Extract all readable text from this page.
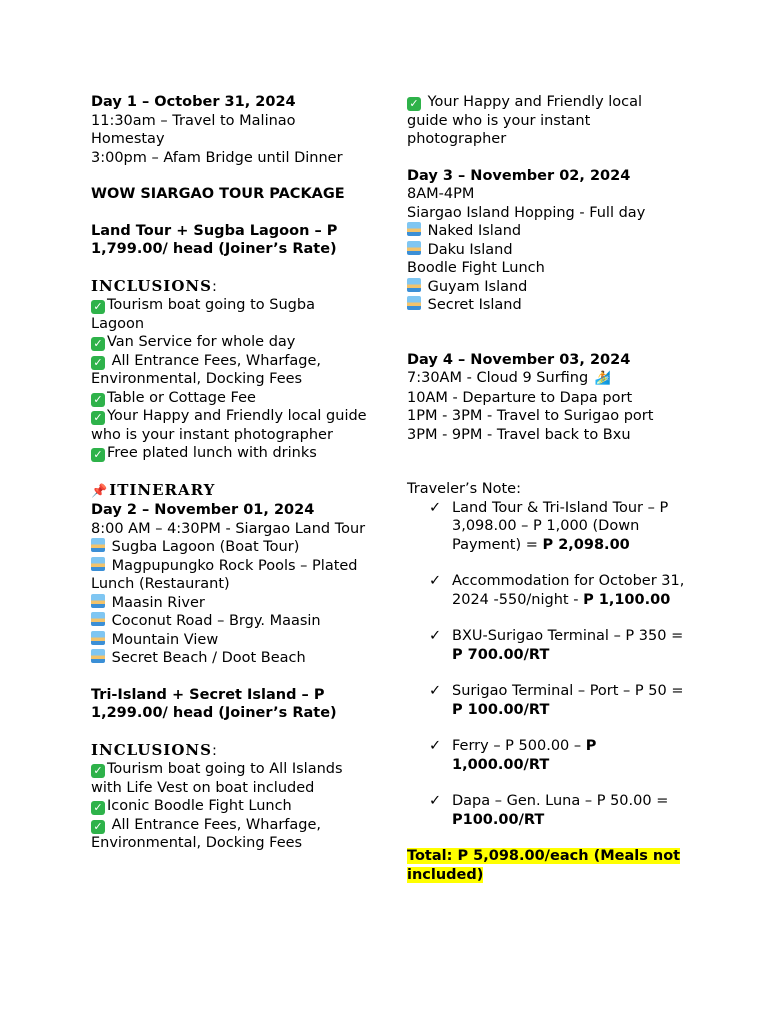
Day 1 – October 31, 2024
11:30am – Travel to Malinao Homestay
3:00pm – Afam Bridge until Dinner
WOW SIARGAO TOUR PACKAGE
Land Tour + Sugba Lagoon – P 1,799.00/ head (Joiner’s Rate)
INCLUSIONS:
✓ Tourism boat going to Sugba Lagoon
✓ Van Service for whole day
✓ All Entrance Fees, Wharfage, Environmental, Docking Fees
✓ Table or Cottage Fee
✓ Your Happy and Friendly local guide who is your instant photographer
✓ Free plated lunch with drinks
📌 ITINERARY
Day 2 – November 01, 2024
8:00 AM – 4:30PM - Siargao Land Tour
Sugba Lagoon (Boat Tour)
Magpupungko Rock Pools – Plated Lunch (Restaurant)
Maasin River
Coconut Road – Brgy. Maasin
Mountain View
Secret Beach / Doot Beach
Tri-Island + Secret Island – P 1,299.00/ head (Joiner’s Rate)
INCLUSIONS:
✓ Tourism boat going to All Islands with Life Vest on boat included
✓ Iconic Boodle Fight Lunch
✓ All Entrance Fees, Wharfage, Environmental, Docking Fees
✓ Your Happy and Friendly local guide who is your instant photographer
Day 3 – November 02, 2024
8AM-4PM
Siargao Island Hopping - Full day
Naked Island
Daku Island
Boodle Fight Lunch
Guyam Island
Secret Island
Day 4 – November 03, 2024
7:30AM - Cloud 9 Surfing 🏄
10AM - Departure to Dapa port
1PM - 3PM - Travel to Surigao port
3PM - 9PM - Travel back to Bxu
Traveler’s Note:
✓ Land Tour & Tri-Island Tour – P 3,098.00 – P 1,000 (Down Payment) = P 2,098.00
✓ Accommodation for October 31, 2024 -550/night - P 1,100.00
✓ BXU-Surigao Terminal – P 350 = P 700.00/RT
✓ Surigao Terminal – Port – P 50 = P 100.00/RT
✓ Ferry – P 500.00 – P 1,000.00/RT
✓ Dapa – Gen. Luna – P 50.00 = P100.00/RT
Total: P 5,098.00/each (Meals not included)
